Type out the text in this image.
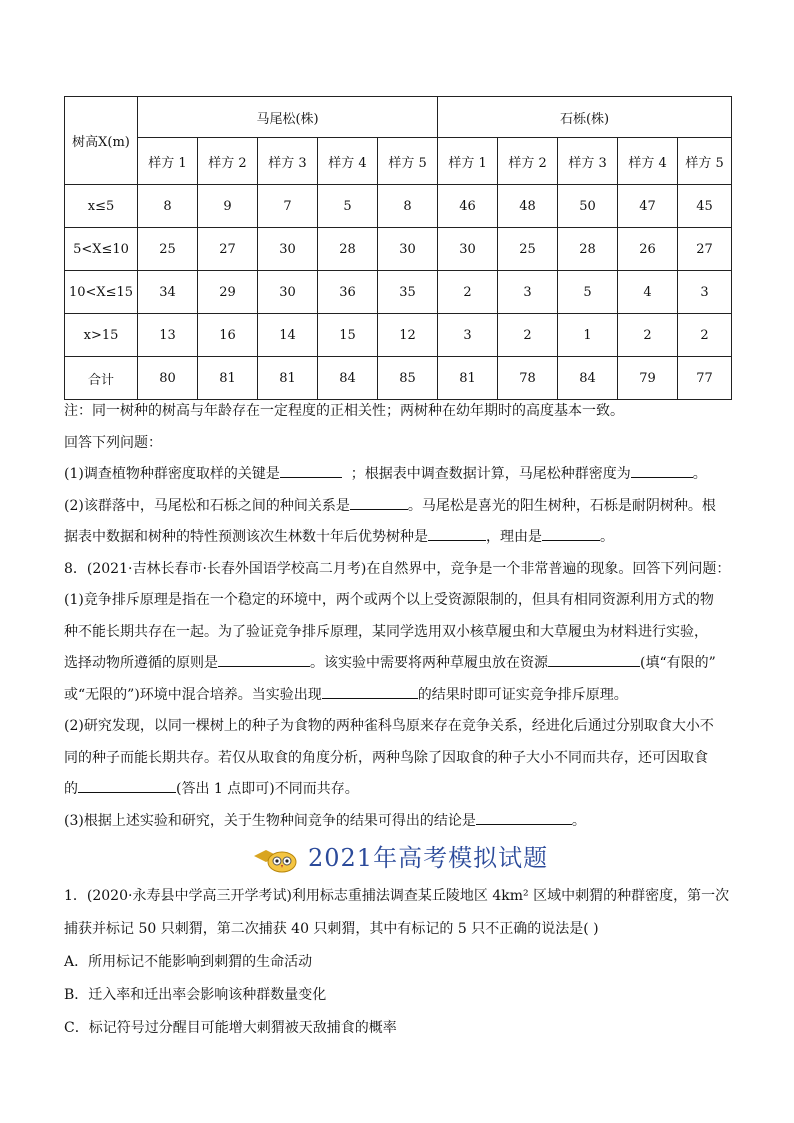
树高X(m)	马尾松(株)					石栎(株)				
	样方 1	样方 2	样方 3	样方 4	样方 5	样方 1	样方 2	样方 3	样方 4	样方 5
x≤5	8	9	7	5	8	46	48	50	47	45
5<X≤10	25	27	30	28	30	30	25	28	26	27
10<X≤15	34	29	30	36	35	2	3	5	4	3
x>15	13	16	14	15	12	3	2	1	2	2
合计	80	81	81	84	85	81	78	84	79	77

注：同一树种的树高与年龄存在一定程度的正相关性；两树种在幼年期时的高度基本一致。

回答下列问题：

(1)调查植物种群密度取样的关键是	；根据表中调查数据计算，马尾松种群密度为	。

(2)该群落中，马尾松和石栎之间的种间关系是	。马尾松是喜光的阳生树种，石栎是耐阴树种。根

据表中数据和树种的特性预测该次生林数十年后优势树种是	，理由是	。

8．(2021·吉林长春市·长春外国语学校高二月考)在自然界中，竞争是一个非常普遍的现象。回答下列问题：

(1)竞争排斥原理是指在一个稳定的环境中，两个或两个以上受资源限制的，但具有相同资源利用方式的物

种不能长期共存在一起。为了验证竞争排斥原理，某同学选用双小核草履虫和大草履虫为材料进行实验，

选择动物所遵循的原则是	。该实验中需要将两种草履虫放在资源	(填“有限的”

或“无限的”)环境中混合培养。当实验出现	的结果时即可证实竞争排斥原理。

(2)研究发现，以同一棵树上的种子为食物的两种雀科鸟原来存在竞争关系，经进化后通过分别取食大小不

同的种子而能长期共存。若仅从取食的角度分析，两种鸟除了因取食的种子大小不同而共存，还可因取食

的	(答出 1 点即可)不同而共存。

(3)根据上述实验和研究，关于生物种间竞争的结果可得出的结论是	。

2021年高考模拟试题

1．(2020·永寿县中学高三开学考试)利用标志重捕法调查某丘陵地区 4km² 区域中刺猬的种群密度，第一次

捕获并标记 50 只刺猬，第二次捕获 40 只刺猬，其中有标记的 5 只不正确的说法是( )

A．所用标记不能影响到刺猬的生命活动

B．迁入率和迁出率会影响该种群数量变化

C．标记符号过分醒目可能增大刺猬被天敌捕食的概率
